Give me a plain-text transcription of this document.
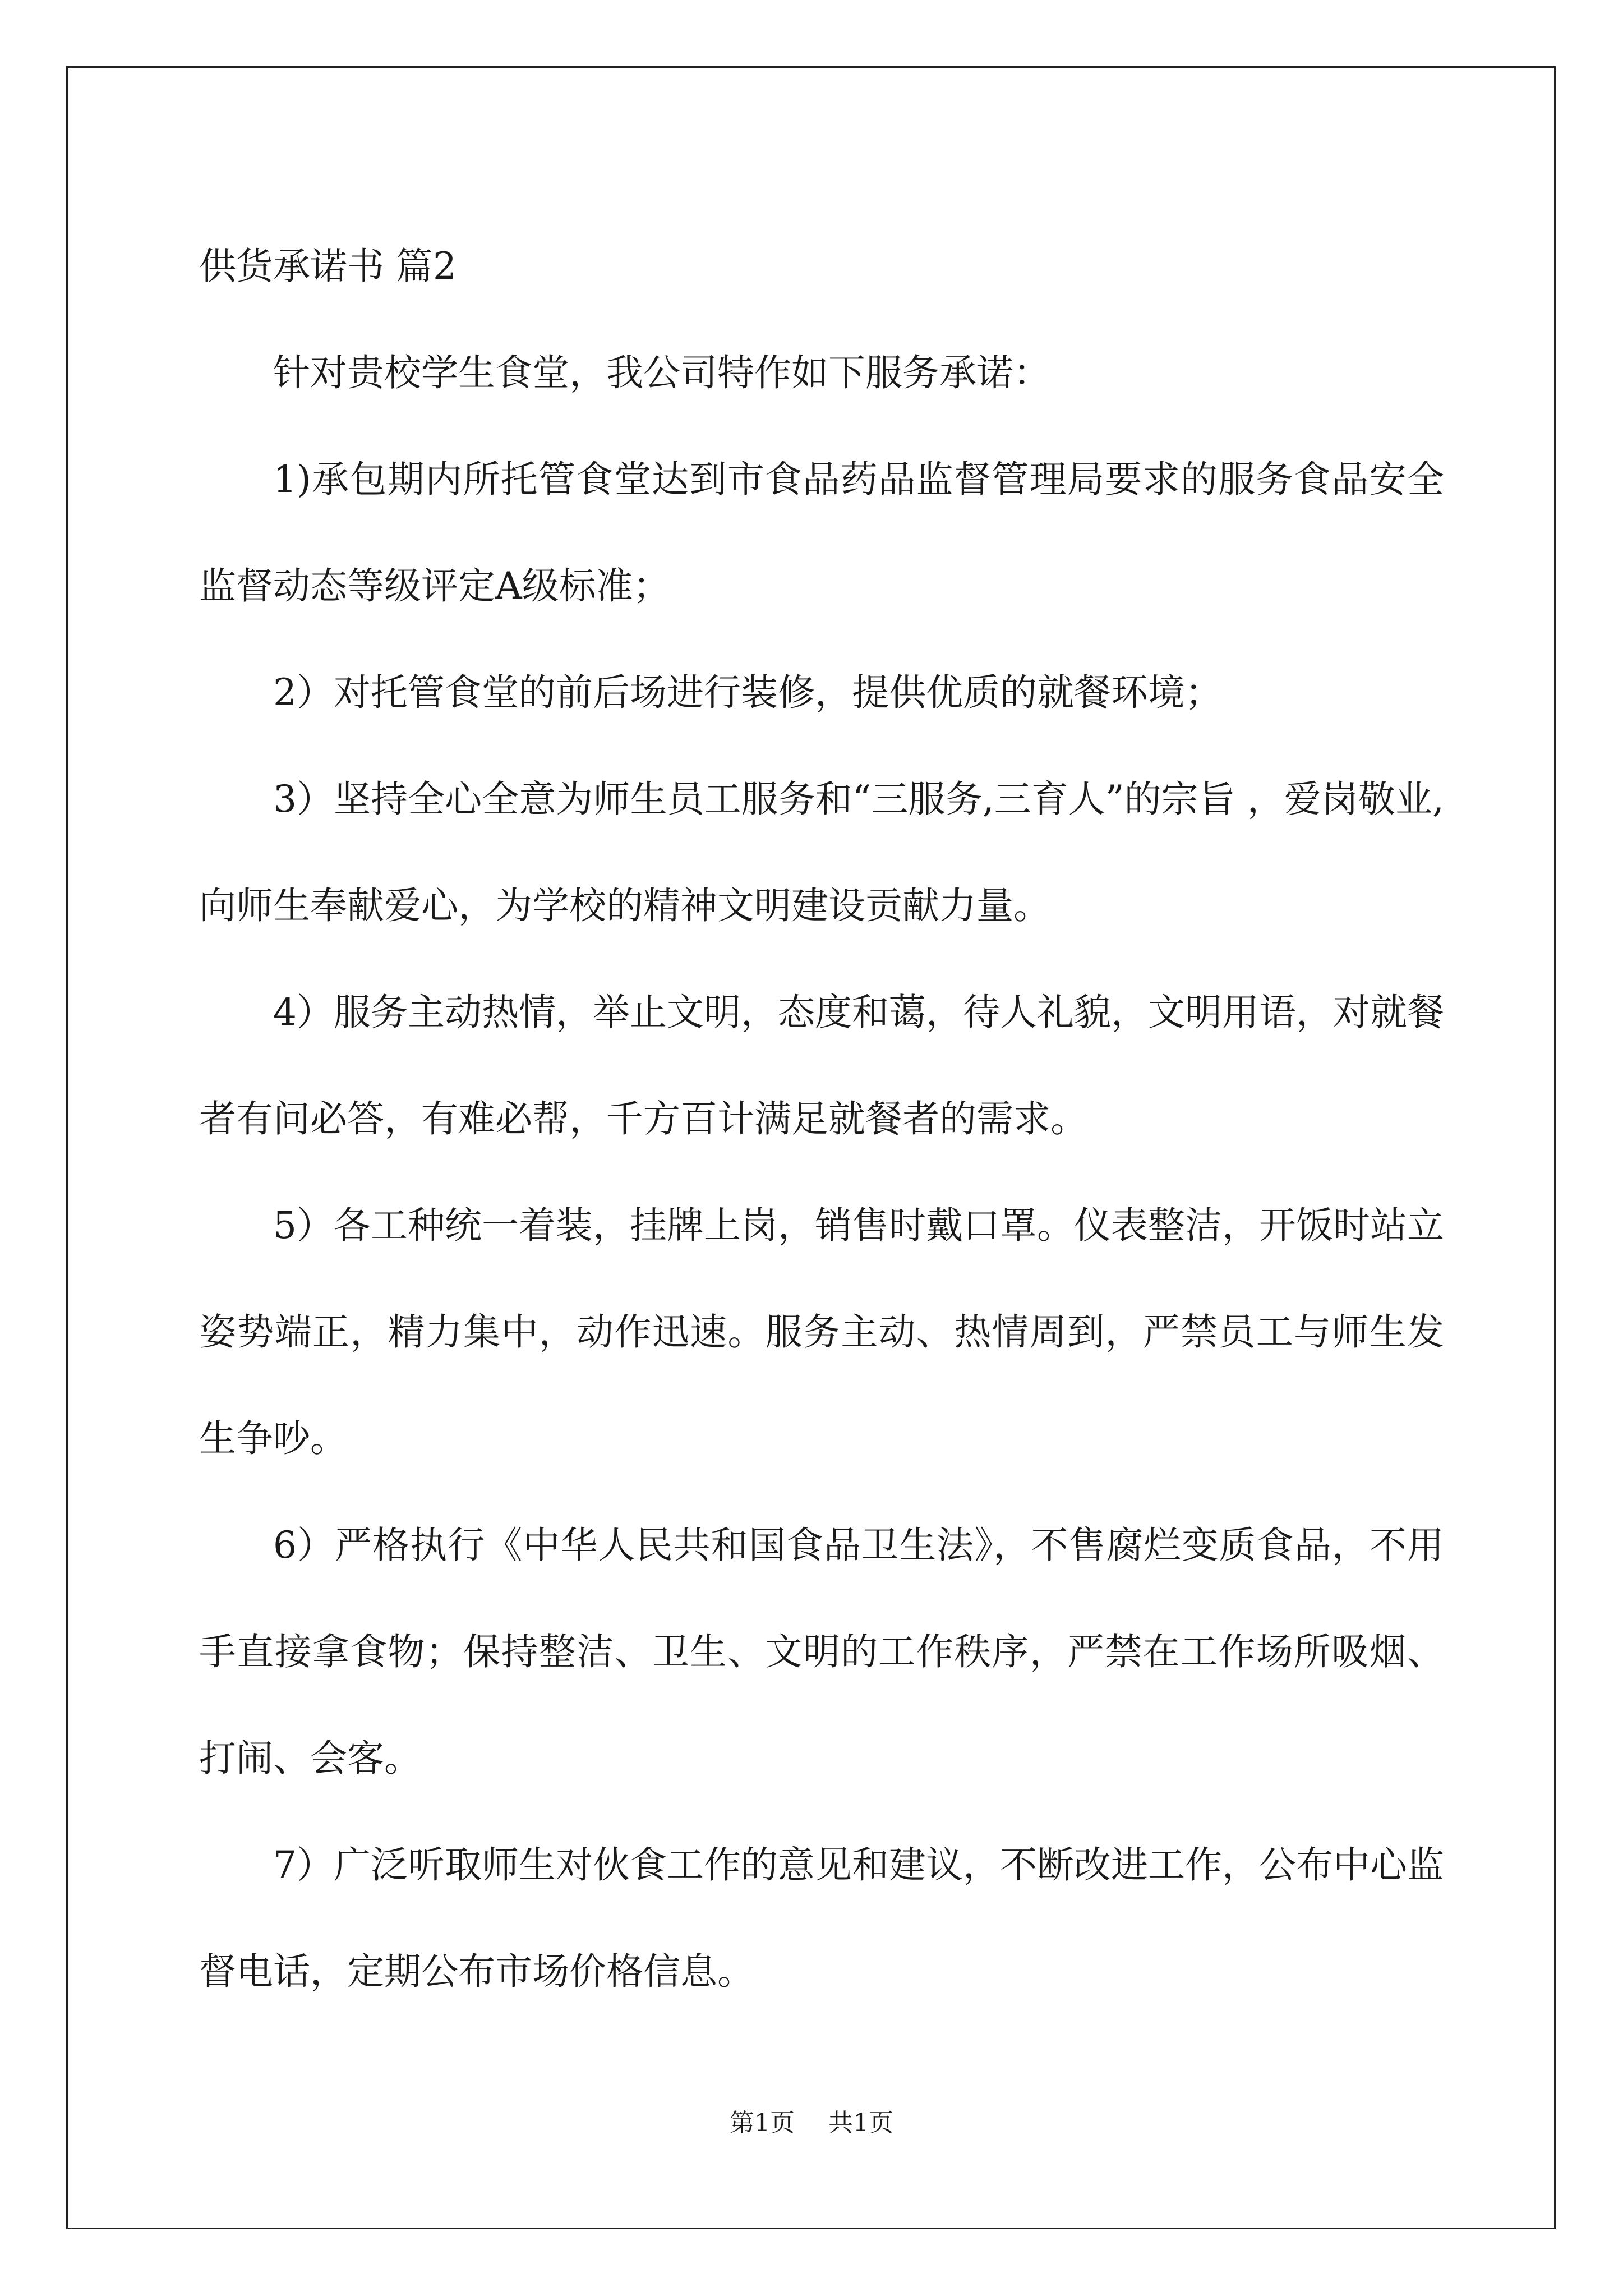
供货承诺书 篇2

针对贵校学生食堂，我公司特作如下服务承诺：

1)承包期内所托管食堂达到市食品药品监督管理局要求的服务食品安全监督动态等级评定A级标准；

2）对托管食堂的前后场进行装修，提供优质的就餐环境；

3）坚持全心全意为师生员工服务和“三服务,三育人”的宗旨 ，爱岗敬业,向师生奉献爱心，为学校的精神文明建设贡献力量。

4）服务主动热情，举止文明，态度和蔼，待人礼貌，文明用语，对就餐者有问必答，有难必帮，千方百计满足就餐者的需求。

5）各工种统一着装，挂牌上岗，销售时戴口罩。仪表整洁，开饭时站立姿势端正，精力集中，动作迅速。服务主动、热情周到，严禁员工与师生发生争吵。

6）严格执行《中华人民共和国食品卫生法》，不售腐烂变质食品，不用手直接拿食物；保持整洁、卫生、文明的工作秩序，严禁在工作场所吸烟、打闹、会客。

7）广泛听取师生对伙食工作的意见和建议，不断改进工作，公布中心监督电话，定期公布市场价格信息。

第1页 共1页
